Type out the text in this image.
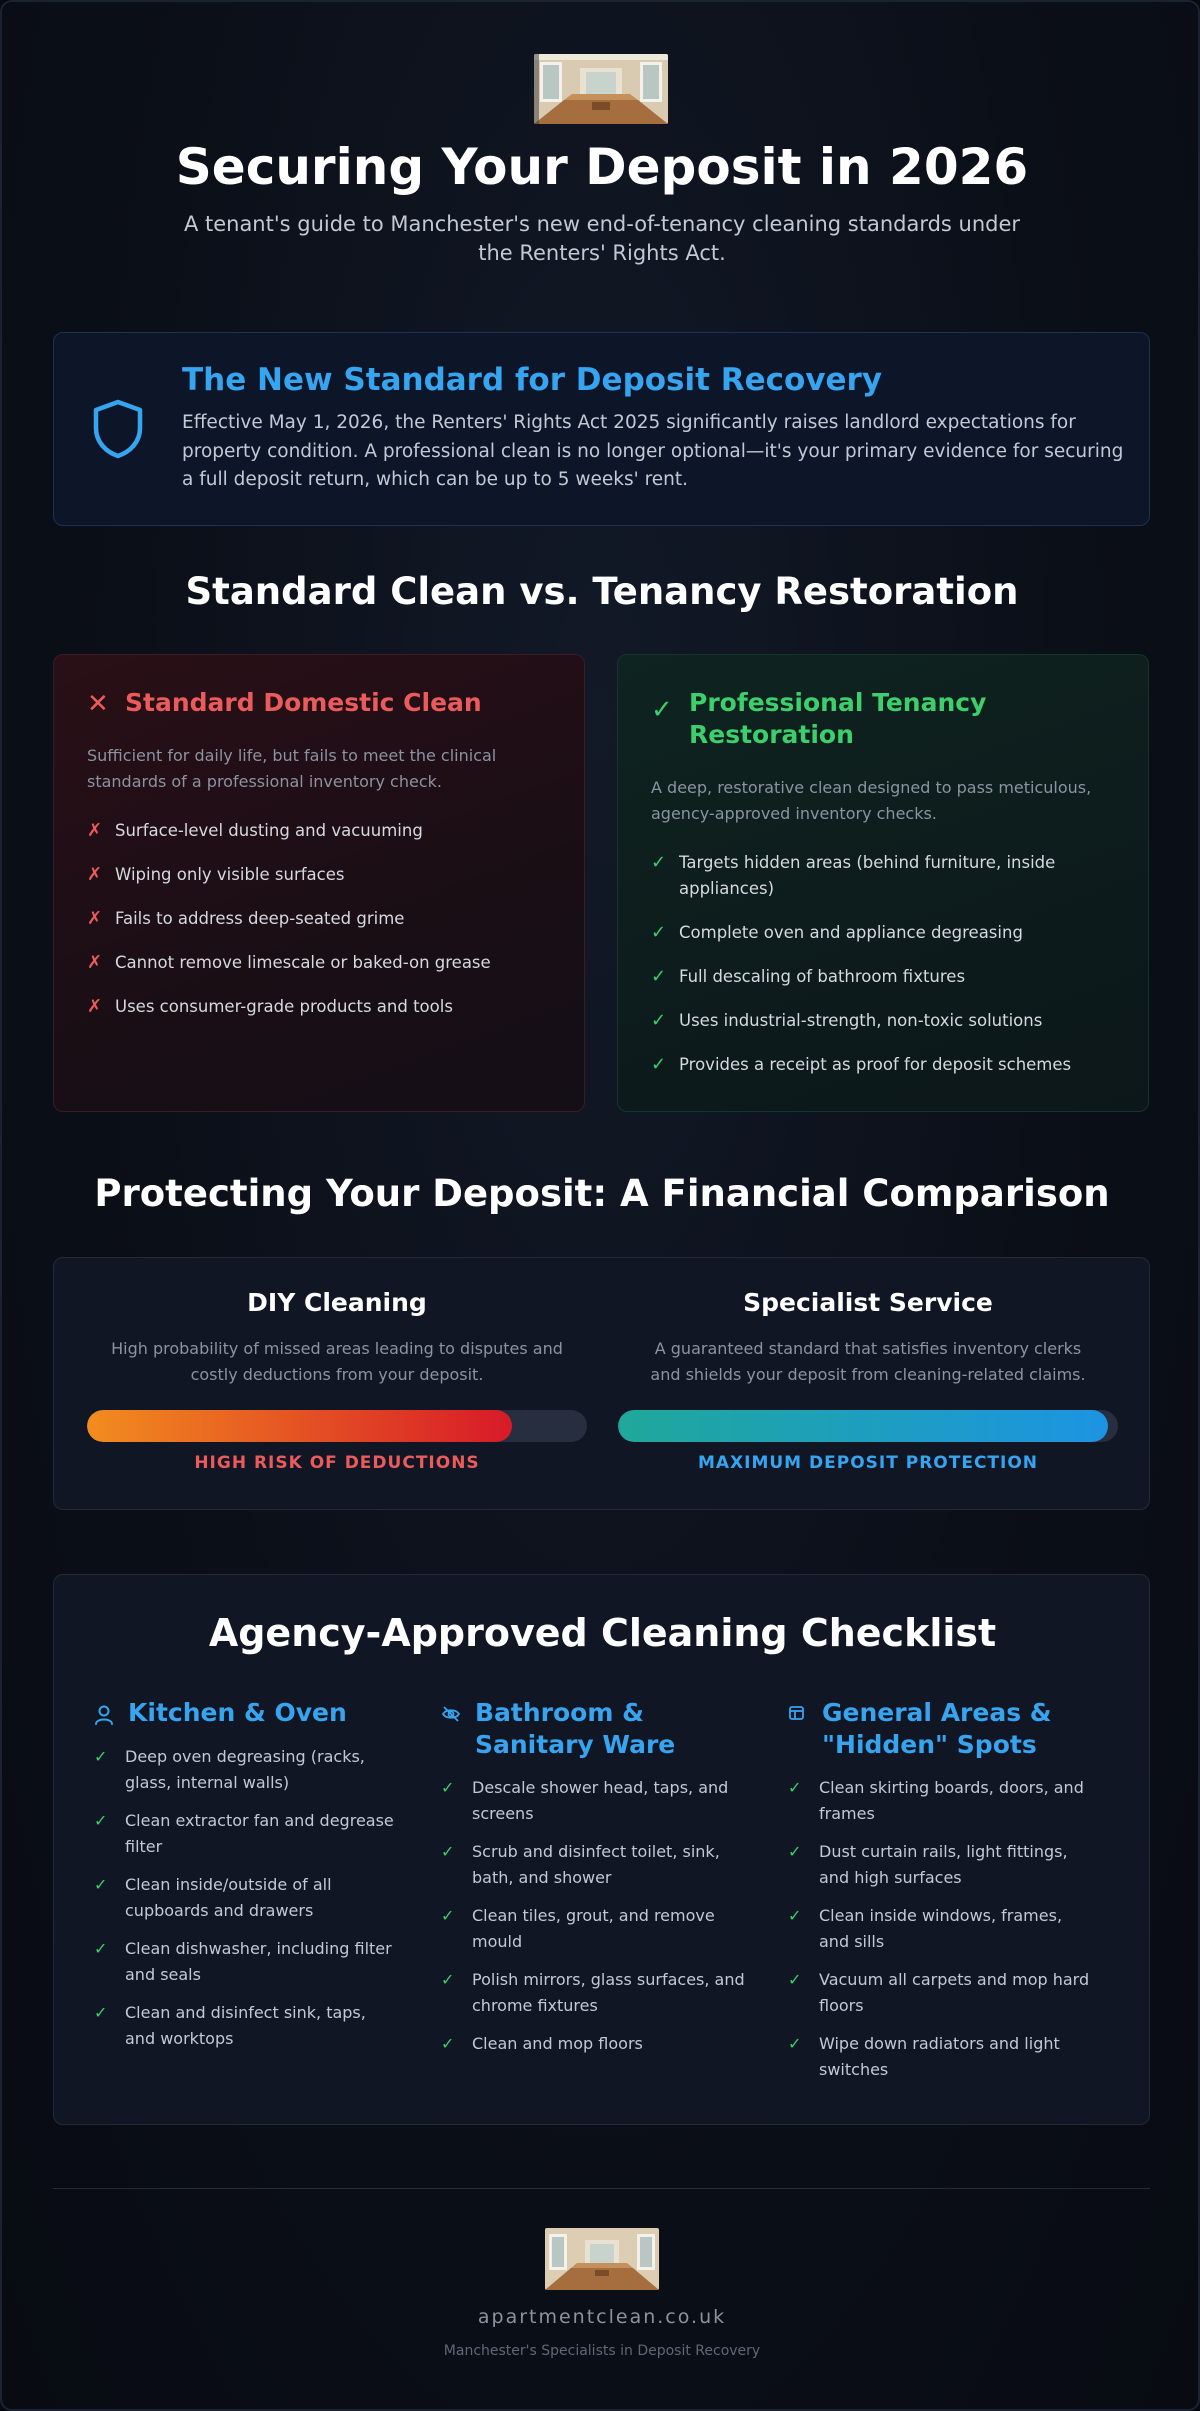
Securing Your Deposit in 2026
A tenant's guide to Manchester's new end-of-tenancy cleaning standards under the Renters' Rights Act.
The New Standard for Deposit Recovery

Effective May 1, 2026, the Renters' Rights Act 2025 significantly raises landlord expectations for property condition. A professional clean is no longer optional—it's your primary evidence for securing a full deposit return, which can be up to 5 weeks' rent.

Standard Clean vs. Tenancy Restoration
✕ Standard Domestic Clean
Sufficient for daily life, but fails to meet the clinical standards of a professional inventory check.
✗ Surface-level dusting and vacuuming
✗ Wiping only visible surfaces
✗ Fails to address deep-seated grime
✗ Cannot remove limescale or baked-on grease
✗ Uses consumer-grade products and tools
✓ Professional Tenancy Restoration
A deep, restorative clean designed to pass meticulous, agency-approved inventory checks.
✓ Targets hidden areas (behind furniture, inside appliances)
✓ Complete oven and appliance degreasing
✓ Full descaling of bathroom fixtures
✓ Uses industrial-strength, non-toxic solutions
✓ Provides a receipt as proof for deposit schemes
Protecting Your Deposit: A Financial Comparison
DIY Cleaning

High probability of missed areas leading to disputes and costly deductions from your deposit.

HIGH RISK OF DEDUCTIONS
Specialist Service

A guaranteed standard that satisfies inventory clerks and shields your deposit from cleaning-related claims.

MAXIMUM DEPOSIT PROTECTION
Agency-Approved Cleaning Checklist
Kitchen & Oven
✓	Deep oven degreasing (racks, glass, internal walls)
✓	Clean extractor fan and degrease filter
✓	Clean inside/outside of all cupboards and drawers
✓	Clean dishwasher, including filter and seals
✓	Clean and disinfect sink, taps, and worktops
Bathroom & Sanitary Ware
✓	Descale shower head, taps, and screens
✓	Scrub and disinfect toilet, sink, bath, and shower
✓	Clean tiles, grout, and remove mould
✓	Polish mirrors, glass surfaces, and chrome fixtures
✓	Clean and mop floors
General Areas & "Hidden" Spots
✓	Clean skirting boards, doors, and frames
✓	Dust curtain rails, light fittings, and high surfaces
✓	Clean inside windows, frames, and sills
✓	Vacuum all carpets and mop hard floors
✓	Wipe down radiators and light switches
apartmentclean.co.uk
Manchester's Specialists in Deposit Recovery
